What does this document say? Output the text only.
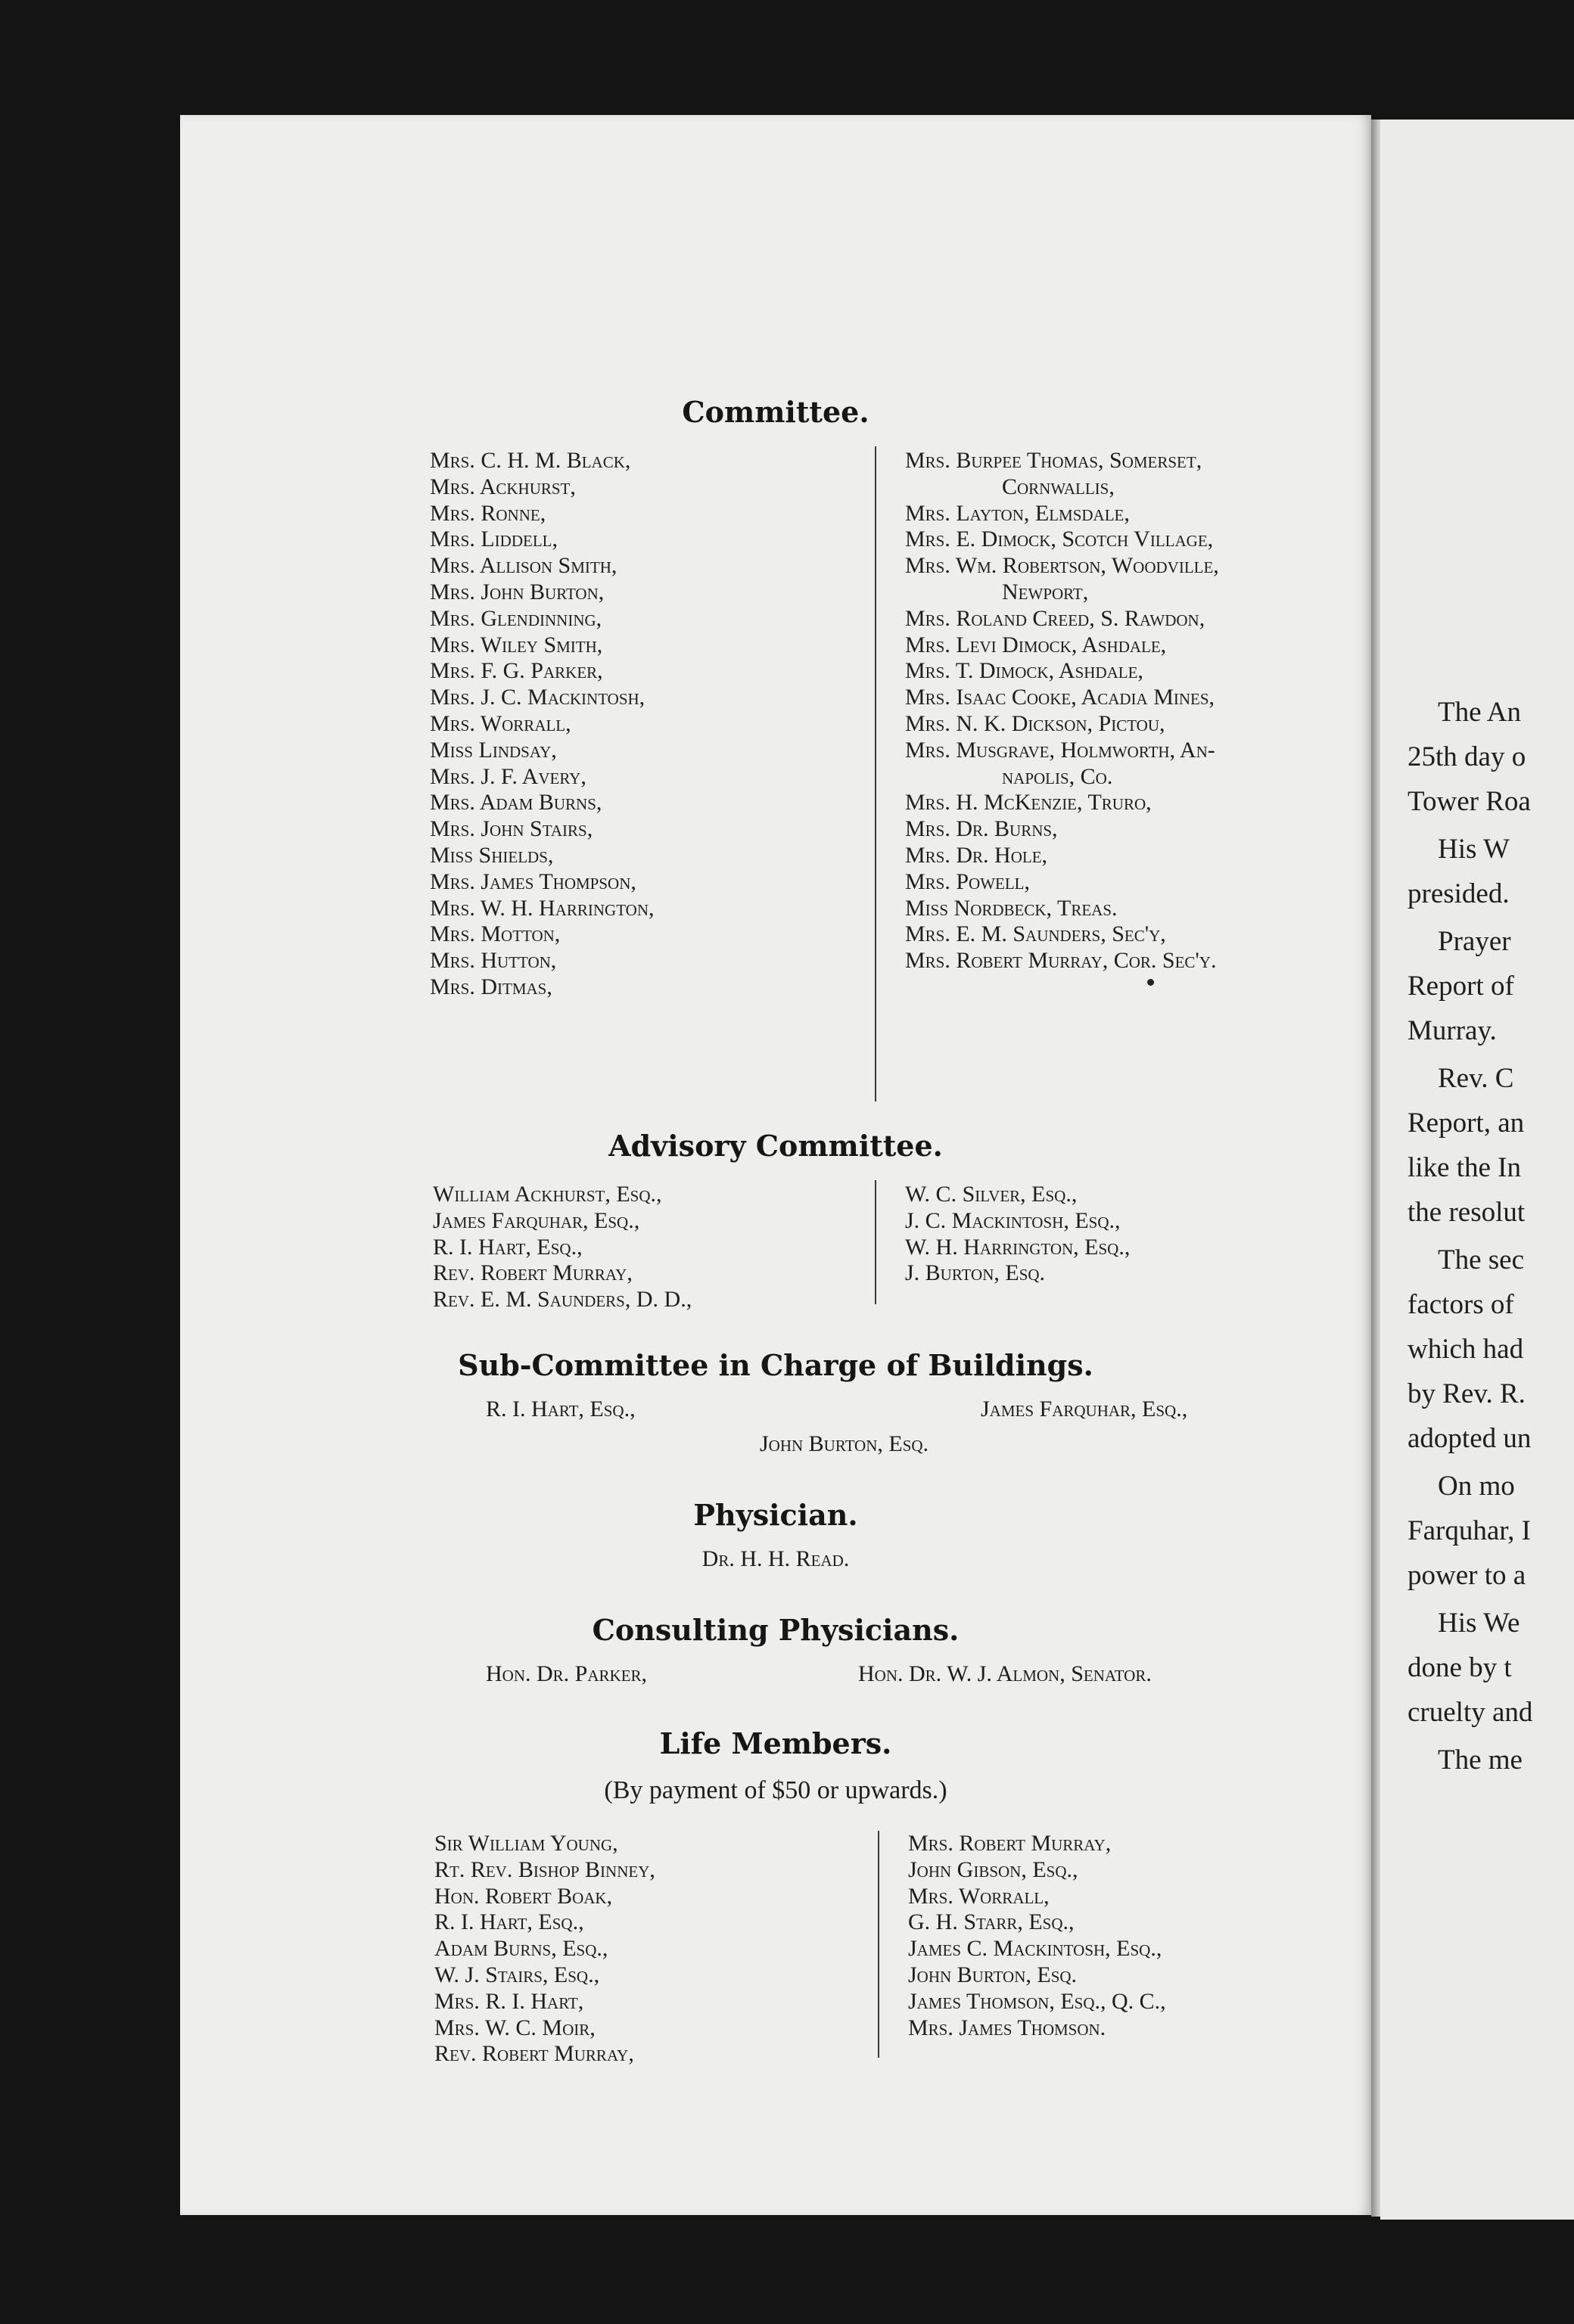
Committee.
Mrs. C. H. M. Black,
Mrs. Ackhurst,
Mrs. Ronne,
Mrs. Liddell,
Mrs. Allison Smith,
Mrs. John Burton,
Mrs. Glendinning,
Mrs. Wiley Smith,
Mrs. F. G. Parker,
Mrs. J. C. Mackintosh,
Mrs. Worrall,
Miss Lindsay,
Mrs. J. F. Avery,
Mrs. Adam Burns,
Mrs. John Stairs,
Miss Shields,
Mrs. James Thompson,
Mrs. W. H. Harrington,
Mrs. Motton,
Mrs. Hutton,
Mrs. Ditmas,
Mrs. Burpee Thomas, Somerset,
Cornwallis,
Mrs. Layton, Elmsdale,
Mrs. E. Dimock, Scotch Village,
Mrs. Wm. Robertson, Woodville,
Newport,
Mrs. Roland Creed, S. Rawdon,
Mrs. Levi Dimock, Ashdale,
Mrs. T. Dimock, Ashdale,
Mrs. Isaac Cooke, Acadia Mines,
Mrs. N. K. Dickson, Pictou,
Mrs. Musgrave, Holmworth, An-
napolis, Co.
Mrs. H. McKenzie, Truro,
Mrs. Dr. Burns,
Mrs. Dr. Hole,
Mrs. Powell,
Miss Nordbeck, Treas.
Mrs. E. M. Saunders, Sec'y,
Mrs. Robert Murray, Cor. Sec'y.
Advisory Committee.
William Ackhurst, Esq.,
James Farquhar, Esq.,
R. I. Hart, Esq.,
Rev. Robert Murray,
Rev. E. M. Saunders, D. D.,
W. C. Silver, Esq.,
J. C. Mackintosh, Esq.,
W. H. Harrington, Esq.,
J. Burton, Esq.
Sub-Committee in Charge of Buildings.
R. I. Hart, Esq.,	James Farquhar, Esq.,
John Burton, Esq.
Physician.
Dr. H. H. Read.
Consulting Physicians.
Hon. Dr. Parker,	Hon. Dr. W. J. Almon, Senator.
Life Members.
(By payment of $50 or upwards.)
Sir William Young,
Rt. Rev. Bishop Binney,
Hon. Robert Boak,
R. I. Hart, Esq.,
Adam Burns, Esq.,
W. J. Stairs, Esq.,
Mrs. R. I. Hart,
Mrs. W. C. Moir,
Rev. Robert Murray,
Mrs. Robert Murray,
John Gibson, Esq.,
Mrs. Worrall,
G. H. Starr, Esq.,
James C. Mackintosh, Esq.,
John Burton, Esq.
James Thomson, Esq., Q. C.,
Mrs. James Thomson.
The An
25th day o
Tower Roa
His W
presided.
Prayer
Report of
Murray.
Rev. C
Report, an
like the In
the resolut
The sec
factors of
which had
by Rev. R.
adopted un
On mo
Farquhar, I
power to a
His We
done by t
cruelty and
The me
